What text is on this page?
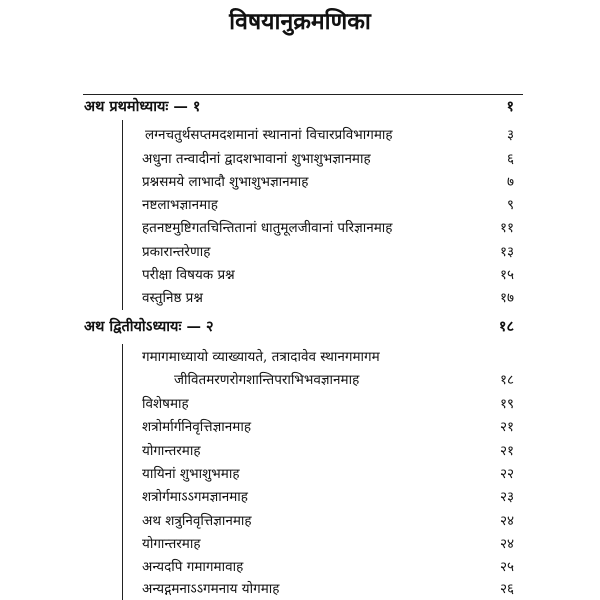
विषयानुक्रमणिका
अथ प्रथमोध्यायः — १	१
लग्नचतुर्थसप्तमदशमानां स्थानानां विचारप्रविभागमाह	३
अधुना तन्वादीनां द्वादशभावानां शुभाशुभज्ञानमाह	६
प्रश्नसमये लाभादौ शुभाशुभज्ञानमाह	७
नष्टलाभज्ञानमाह	९
हतनष्टमुष्टिगतचिन्तितानां धातुमूलजीवानां परिज्ञानमाह	११
प्रकारान्तरेणाह	१३
परीक्षा विषयक प्रश्न	१५
वस्तुनिष्ठ प्रश्न	१७
अथ द्वितीयोऽध्यायः — २	१८
गमागमाध्यायो व्याख्यायते, तत्रादावेव स्थानगमागम
जीवितमरणरोगशान्तिपराभिभवज्ञानमाह	१८
विशेषमाह	१९
शत्रोर्मार्गनिवृत्तिज्ञानमाह	२१
योगान्तरमाह	२१
यायिनां शुभाशुभमाह	२२
शत्रोर्गमाऽऽगमज्ञानमाह	२३
अथ शत्रुनिवृत्तिज्ञानमाह	२४
योगान्तरमाह	२४
अन्यदपि गमागमावाह	२५
अन्यद्गमनाऽऽगमनाय योगमाह	२६
